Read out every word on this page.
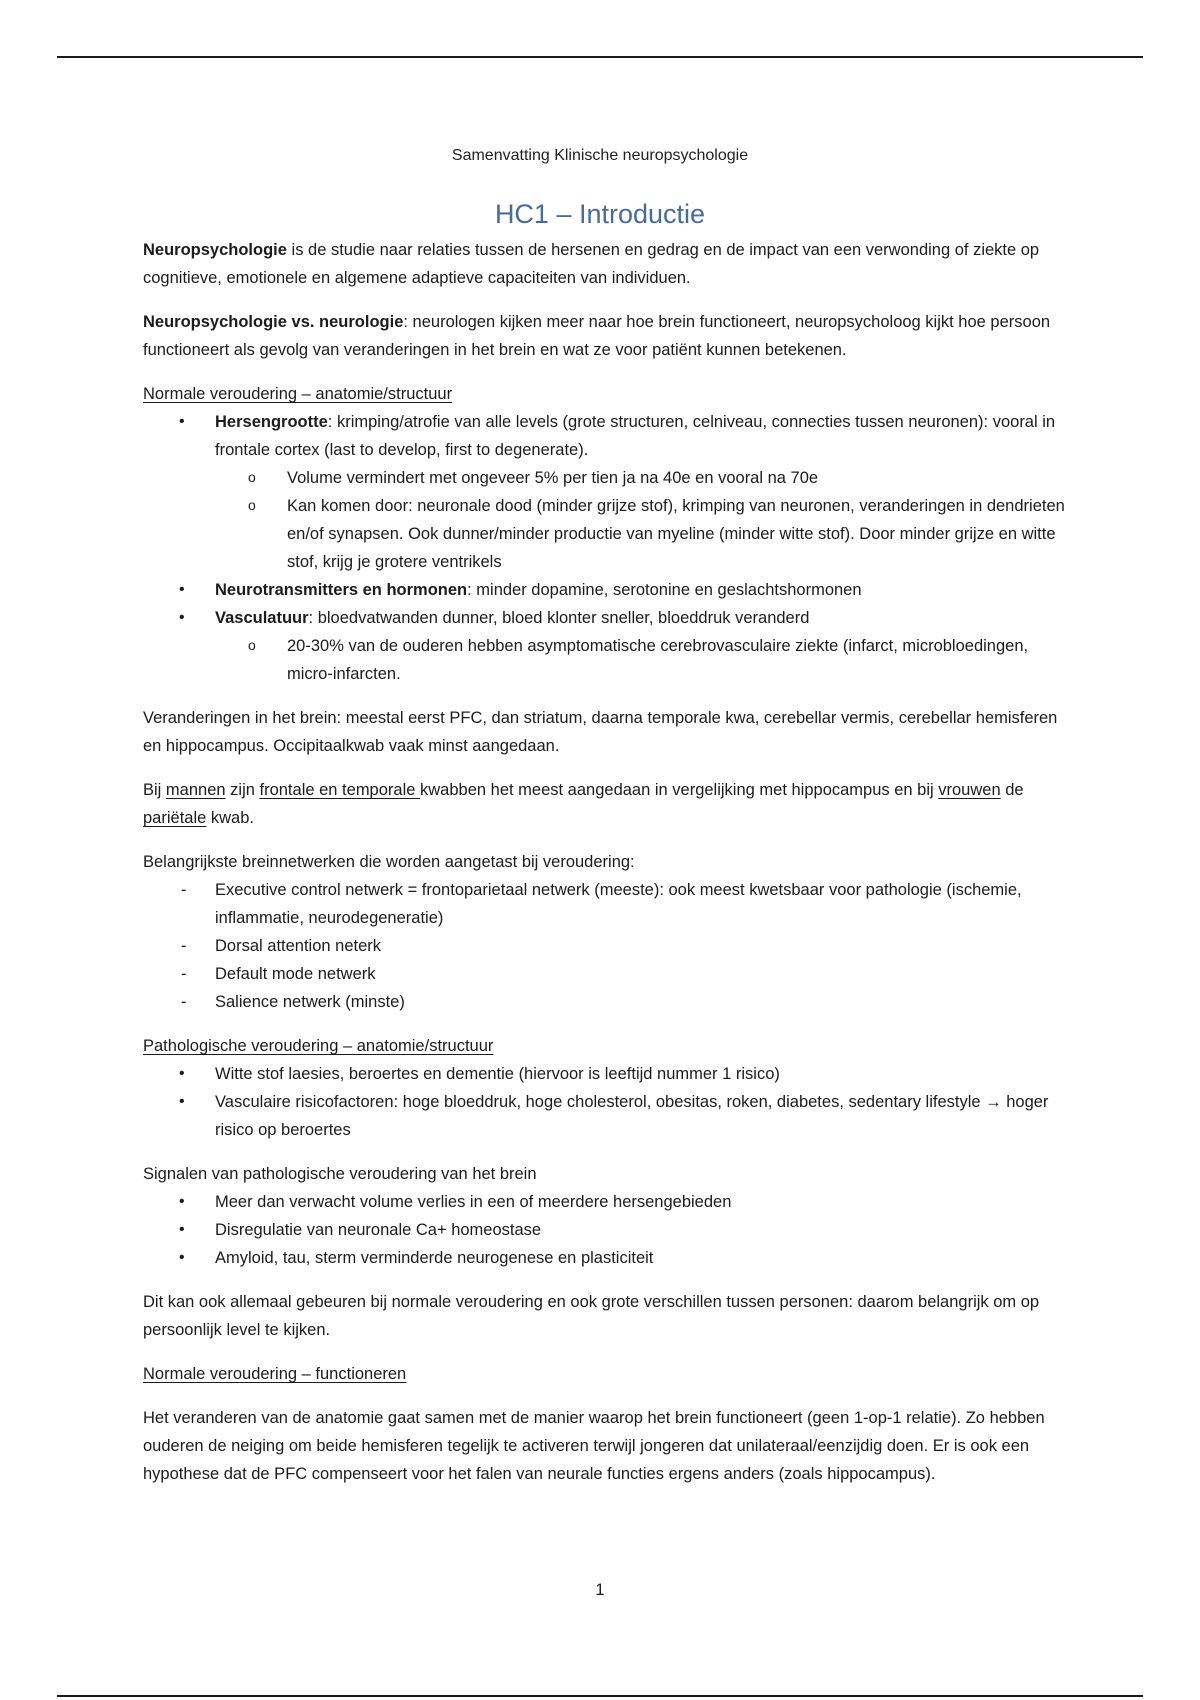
Samenvatting Klinische neuropsychologie
HC1 – Introductie

Neuropsychologie is de studie naar relaties tussen de hersenen en gedrag en de impact van een verwonding of ziekte op cognitieve, emotionele en algemene adaptieve capaciteiten van individuen.

Neuropsychologie vs. neurologie: neurologen kijken meer naar hoe brein functioneert, neuropsycholoog kijkt hoe persoon functioneert als gevolg van veranderingen in het brein en wat ze voor patiënt kunnen betekenen.

Normale veroudering – anatomie/structuur
• Hersengrootte: krimping/atrofie van alle levels (grote structuren, celniveau, connecties tussen neuronen): vooral in frontale cortex (last to develop, first to degenerate).
o Volume vermindert met ongeveer 5% per tien ja na 40e en vooral na 70e
o Kan komen door: neuronale dood (minder grijze stof), krimping van neuronen, veranderingen in dendrieten en/of synapsen. Ook dunner/minder productie van myeline (minder witte stof). Door minder grijze en witte stof, krijg je grotere ventrikels
• Neurotransmitters en hormonen: minder dopamine, serotonine en geslachtshormonen
• Vasculatuur: bloedvatwanden dunner, bloed klonter sneller, bloeddruk veranderd
o 20-30% van de ouderen hebben asymptomatische cerebrovasculaire ziekte (infarct, microbloedingen, micro-infarcten.

Veranderingen in het brein: meestal eerst PFC, dan striatum, daarna temporale kwa, cerebellar vermis, cerebellar hemisferen en hippocampus. Occipitaalkwab vaak minst aangedaan.

Bij mannen zijn frontale en temporale kwabben het meest aangedaan in vergelijking met hippocampus en bij vrouwen de pariëtale kwab.

Belangrijkste breinnetwerken die worden aangetast bij veroudering:
- Executive control netwerk = frontoparietaal netwerk (meeste): ook meest kwetsbaar voor pathologie (ischemie, inflammatie, neurodegeneratie)
- Dorsal attention neterk
- Default mode netwerk
- Salience netwerk (minste)
Pathologische veroudering – anatomie/structuur
• Witte stof laesies, beroertes en dementie (hiervoor is leeftijd nummer 1 risico)
• Vasculaire risicofactoren: hoge bloeddruk, hoge cholesterol, obesitas, roken, diabetes, sedentary lifestyle → hoger risico op beroertes
Signalen van pathologische veroudering van het brein
• Meer dan verwacht volume verlies in een of meerdere hersengebieden
• Disregulatie van neuronale Ca+ homeostase
• Amyloid, tau, sterm verminderde neurogenese en plasticiteit

Dit kan ook allemaal gebeuren bij normale veroudering en ook grote verschillen tussen personen: daarom belangrijk om op persoonlijk level te kijken.

Normale veroudering – functioneren

Het veranderen van de anatomie gaat samen met de manier waarop het brein functioneert (geen 1-op-1 relatie). Zo hebben ouderen de neiging om beide hemisferen tegelijk te activeren terwijl jongeren dat unilateraal/eenzijdig doen. Er is ook een hypothese dat de PFC compenseert voor het falen van neurale functies ergens anders (zoals hippocampus).

1
